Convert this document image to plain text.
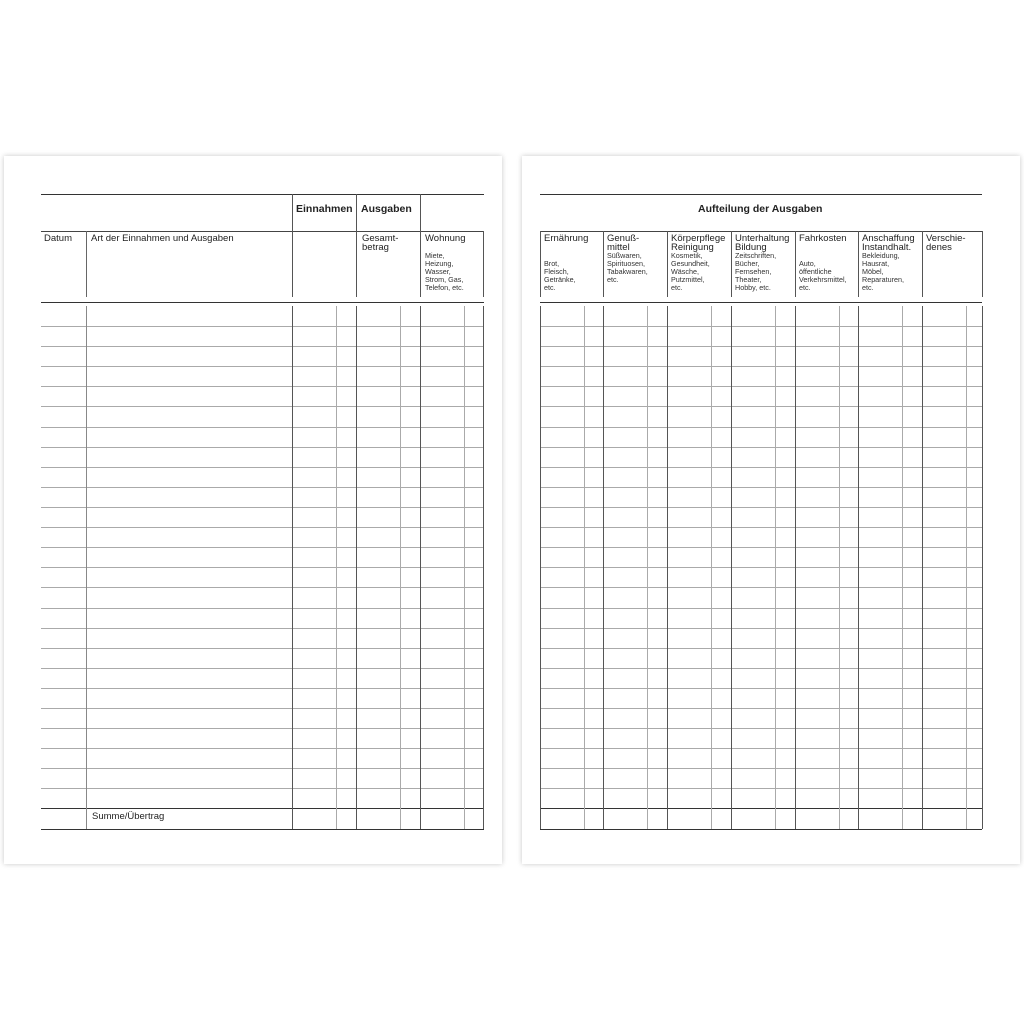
Einnahmen Ausgaben
Datum Art der Einnahmen und Ausgaben	Gesamt-
betrag
Wohnung
Miete,
Heizung,
Wasser,
Strom, Gas,
Telefon, etc.
Summe/Übertrag
Aufteilung der Ausgaben
Ernährung
Brot,
Fleisch,
Getränke,
etc.
Genuß-
mittel
Süßwaren,
Spirituosen,
Tabakwaren,
etc.
Körperpflege
Reinigung
Kosmetik,
Gesundheit,
Wäsche,
Putzmittel,
etc.
Unterhaltung
Bildung
Zeitschriften,
Bücher,
Fernsehen,
Theater,
Hobby, etc.
Fahrkosten
Auto,
öffentliche
Verkehrsmittel,
etc.
Anschaffung
Instandhalt.
Bekleidung,
Hausrat,
Möbel,
Reparaturen,
etc.
Verschie-
denes
